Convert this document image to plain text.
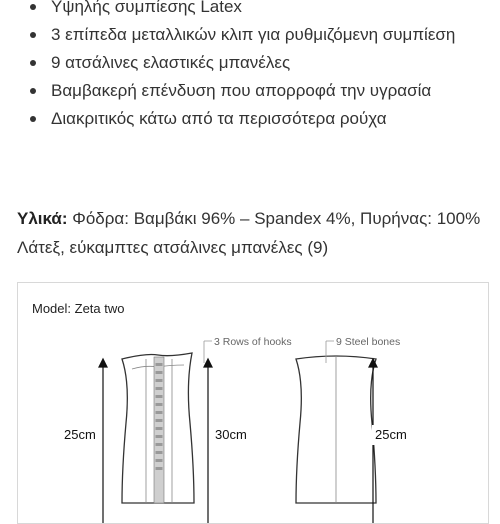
Υψηλής συμπίεσης Latex
3 επίπεδα μεταλλικών κλιπ για ρυθμιζόμενη συμπίεση
9 ατσάλινες ελαστικές μπανέλες
Βαμβακερή επένδυση που απορροφά την υγρασία
Διακριτικός κάτω από τα περισσότερα ρούχα
Υλικά: Φόδρα: Βαμβάκι 96% – Spandex 4%, Πυρήνας: 100% Λάτεξ, εύκαμπτες ατσάλινες μπανέλες (9)
Model: Zeta two
3 Rows of hooks	9 Steel bones
25cm	30cm	25cm
